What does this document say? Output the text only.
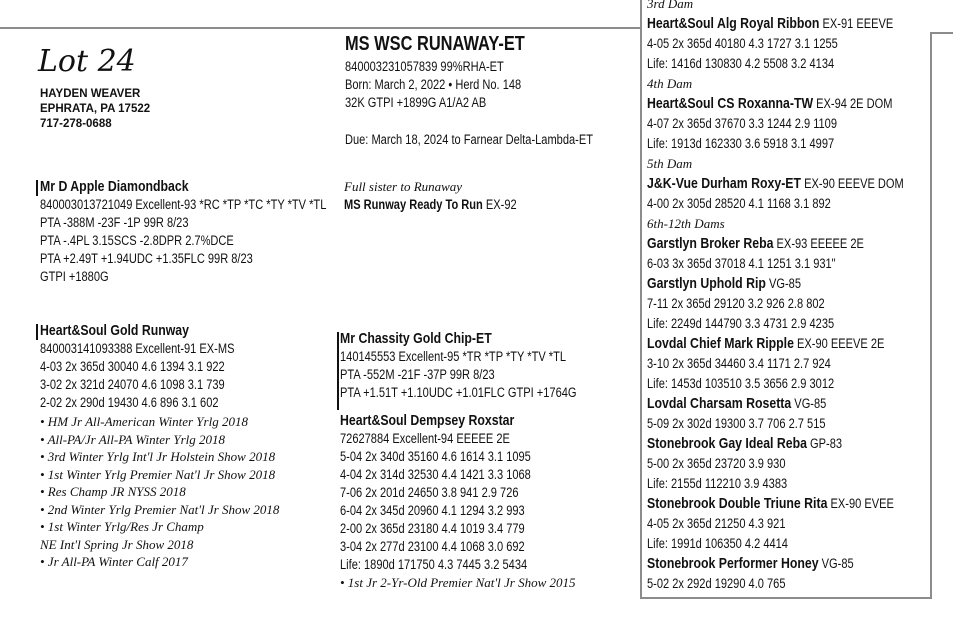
Lot 24
HAYDEN WEAVER
EPHRATA, PA 17522
717-278-0688
MS WSC RUNAWAY-ET
840003231057839 99%RHA-ET
Born: March 2, 2022 • Herd No. 148
32K GTPI +1899G A1/A2 AB
Due: March 18, 2024 to Farnear Delta-Lambda-ET
Full sister to Runaway
MS Runway Ready To Run EX-92
Mr D Apple Diamondback
840003013721049 Excellent-93 *RC *TP *TC *TY *TV *TL
PTA -388M -23F -1P 99R 8/23
PTA -.4PL 3.15SCS -2.8DPR 2.7%DCE
PTA +2.49T +1.94UDC +1.35FLC 99R 8/23
GTPI +1880G
Heart&Soul Gold Runway
840003141093388 Excellent-91 EX-MS
4-03 2x 365d 30040 4.6 1394 3.1 922
3-02 2x 321d 24070 4.6 1098 3.1 739
2-02 2x 290d 19430 4.6 896 3.1 602
• HM Jr All-American Winter Yrlg 2018
• All-PA/Jr All-PA Winter Yrlg 2018
• 3rd Winter Yrlg Int'l Jr Holstein Show 2018
• 1st Winter Yrlg Premier Nat'l Jr Show 2018
• Res Champ JR NYSS 2018
• 2nd Winter Yrlg Premier Nat'l Jr Show 2018
• 1st Winter Yrlg/Res Jr Champ
NE Int'l Spring Jr Show 2018
• Jr All-PA Winter Calf 2017
Mr Chassity Gold Chip-ET
140145553 Excellent-95 *TR *TP *TY *TV *TL
PTA -552M -21F -37P 99R 8/23
PTA +1.51T +1.10UDC +1.01FLC GTPI +1764G
Heart&Soul Dempsey Roxstar
72627884 Excellent-94 EEEEE 2E
5-04 2x 340d 35160 4.6 1614 3.1 1095
4-04 2x 314d 32530 4.4 1421 3.3 1068
7-06 2x 201d 24650 3.8 941 2.9 726
6-04 2x 345d 20960 4.1 1294 3.2 993
2-00 2x 365d 23180 4.4 1019 3.4 779
3-04 2x 277d 23100 4.4 1068 3.0 692
Life: 1890d 171750 4.3 7445 3.2 5434
• 1st Jr 2-Yr-Old Premier Nat'l Jr Show 2015
3rd Dam
Heart&Soul Alg Royal Ribbon EX-91 EEEVE
4-05 2x 365d 40180 4.3 1727 3.1 1255
Life: 1416d 130830 4.2 5508 3.2 4134
4th Dam
Heart&Soul CS Roxanna-TW EX-94 2E DOM
4-07 2x 365d 37670 3.3 1244 2.9 1109
Life: 1913d 162330 3.6 5918 3.1 4997
5th Dam
J&K-Vue Durham Roxy-ET EX-90 EEEVE DOM
4-00 2x 305d 28520 4.1 1168 3.1 892
6th-12th Dams
Garstlyn Broker Reba EX-93 EEEEE 2E
6-03 3x 365d 37018 4.1 1251 3.1 931"
Garstlyn Uphold Rip VG-85
7-11 2x 365d 29120 3.2 926 2.8 802
Life: 2249d 144790 3.3 4731 2.9 4235
Lovdal Chief Mark Ripple EX-90 EEEVE 2E
3-10 2x 365d 34460 3.4 1171 2.7 924
Life: 1453d 103510 3.5 3656 2.9 3012
Lovdal Charsam Rosetta VG-85
5-09 2x 302d 19300 3.7 706 2.7 515
Stonebrook Gay Ideal Reba GP-83
5-00 2x 365d 23720 3.9 930
Life: 2155d 112210 3.9 4383
Stonebrook Double Triune Rita EX-90 EVEE
4-05 2x 365d 21250 4.3 921
Life: 1991d 106350 4.2 4414
Stonebrook Performer Honey VG-85
5-02 2x 292d 19290 4.0 765
